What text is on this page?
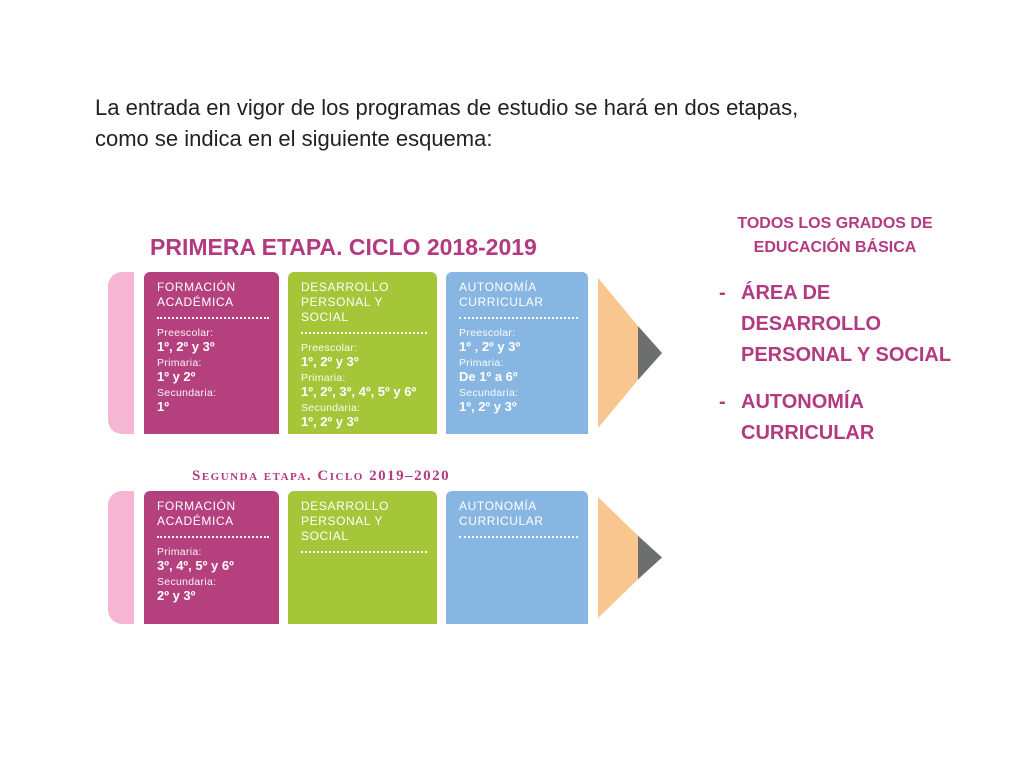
La entrada en vigor de los programas de estudio se hará en dos etapas,
como se indica en el siguiente esquema:
PRIMERA ETAPA. CICLO 2018-2019
FORMACIÓN
ACADÉMICA
Preescolar:
1º, 2º y 3º
Primaria:
1º y 2º
Secundaria:
1º
DESARROLLO
PERSONAL Y SOCIAL
Preescolar:
1º, 2º y 3º
Primaria:
1º, 2º, 3º, 4º, 5º y 6º
Secundaria:
1º, 2º y 3º
AUTONOMÍA
CURRICULAR
Preescolar:
1º , 2º y 3º
Primaria:
De 1º a 6º
Secundaria:
1º, 2º y 3º
Segunda etapa. Ciclo 2019–2020
FORMACIÓN
ACADÉMICA
Primaria:
3º, 4º, 5º y 6º
Secundaria:
2º y 3º
DESARROLLO
PERSONAL Y SOCIAL
AUTONOMÍA
CURRICULAR
TODOS LOS GRADOS DE
EDUCACIÓN BÁSICA
- ÁREA DE DESARROLLO
PERSONAL Y SOCIAL
- AUTONOMÍA
CURRICULAR
